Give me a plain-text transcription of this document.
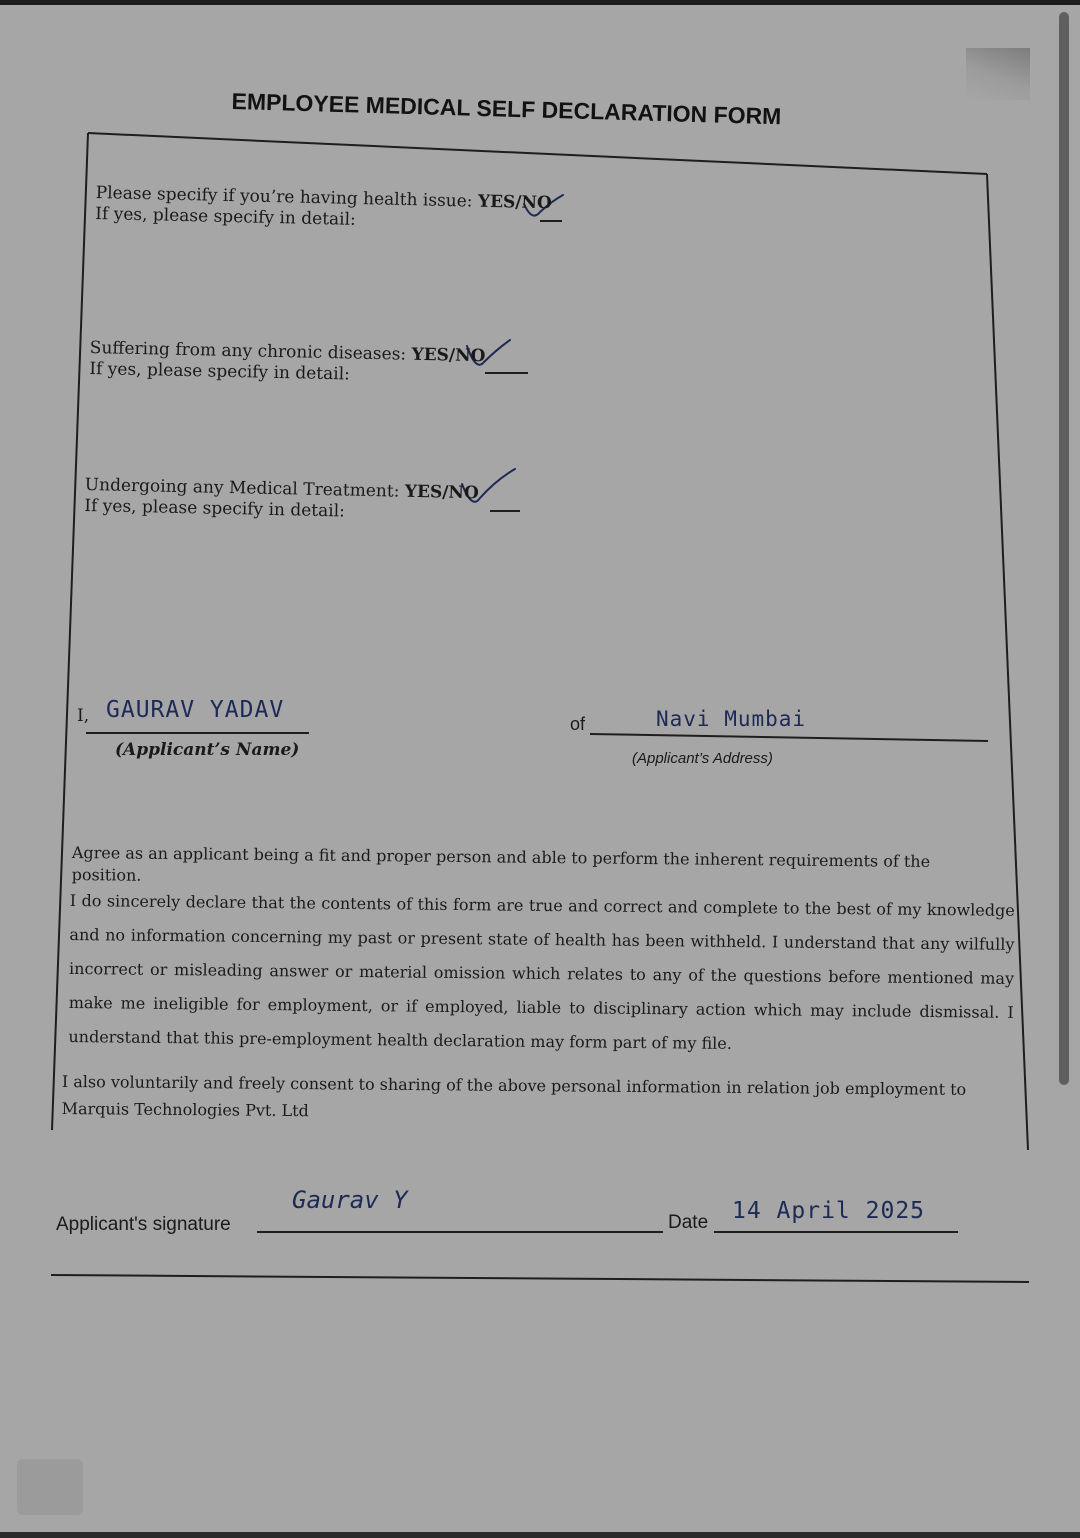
EMPLOYEE MEDICAL SELF DECLARATION FORM
Please specify if you’re having health issue: YES/NO
If yes, please specify in detail:
Suffering from any chronic diseases: YES/NO
If yes, please specify in detail:
Undergoing any Medical Treatment: YES/NO
If yes, please specify in detail:
I, GAURAV YADAV
(Applicant’s Name)
of	Navi Mumbai
(Applicant’s Address)
Agree as an applicant being a fit and proper person and able to perform the inherent requirements of the position.
I do sincerely declare that the contents of this form are true and correct and complete to the best of my knowledge and no information concerning my past or present state of health has been withheld. I understand that any wilfully incorrect or misleading answer or material omission which relates to any of the questions before mentioned may make me ineligible for employment, or if employed, liable to disciplinary action which may include dismissal. I understand that this pre-employment health declaration may form part of my file.
I also voluntarily and freely consent to sharing of the above personal information in relation job employment to Marquis Technologies Pvt. Ltd
Applicant's signature
Gaurav Y
Date 14 April 2025
